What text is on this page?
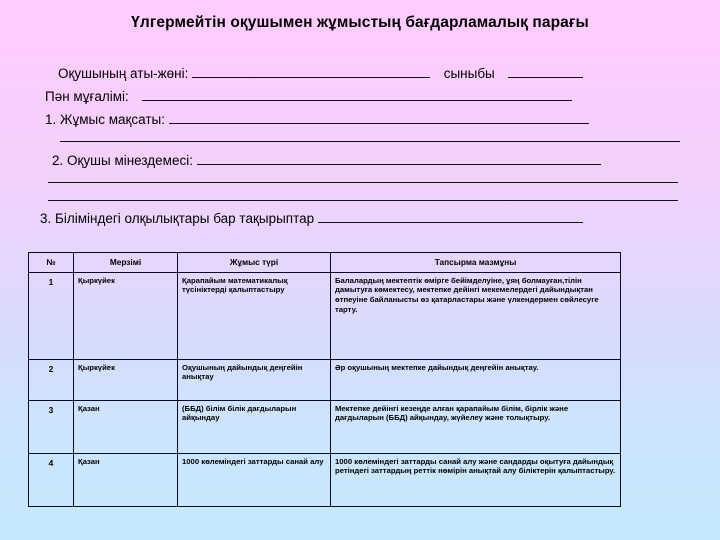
Үлгермейтін оқушымен жұмыстың бағдарламалық парағы
Оқушының аты-жөні:	сыныбы
Пән мұғалімі:
1. Жұмыс мақсаты:
2. Оқушы мінездемесі:
3. Біліміндегі олқылықтары бар тақырыптар
№	Мерзімі	Жұмыс түрі	Тапсырма мазмұны
1	Қыркүйек	Қарапайым математикалық түсініктерді қалыптастыру	Балалардың мектептік өмірге бейімделуіне, ұяң болмауған,тілін дамытуға көмектесу, мектепке дейінгі мекемелердегі дайындықтан өтпеуіне байланысты өз қатарластары және үлкендермен сөйлесуге тарту.
2	Қыркүйек	Оқушының дайындық деңгейін анықтау	Әр оқушының мектепке дайындық деңгейін анықтау.
3	Қазан	(ББД) білім білік дағдыларын айқындау	Мектепке дейінгі кезеңде алған қарапайым білім, бірлік және дағдыларын (ББД) айқындау, жүйелеу және толықтыру.
4	Қазан	1000 көлеміндегі заттарды санай алу	1000 көлеміндегі заттарды санай алу және сандарды оқытуға дайындық ретіндегі заттардың реттік нөмірін анықтай алу біліктерін қалыптастыру.
